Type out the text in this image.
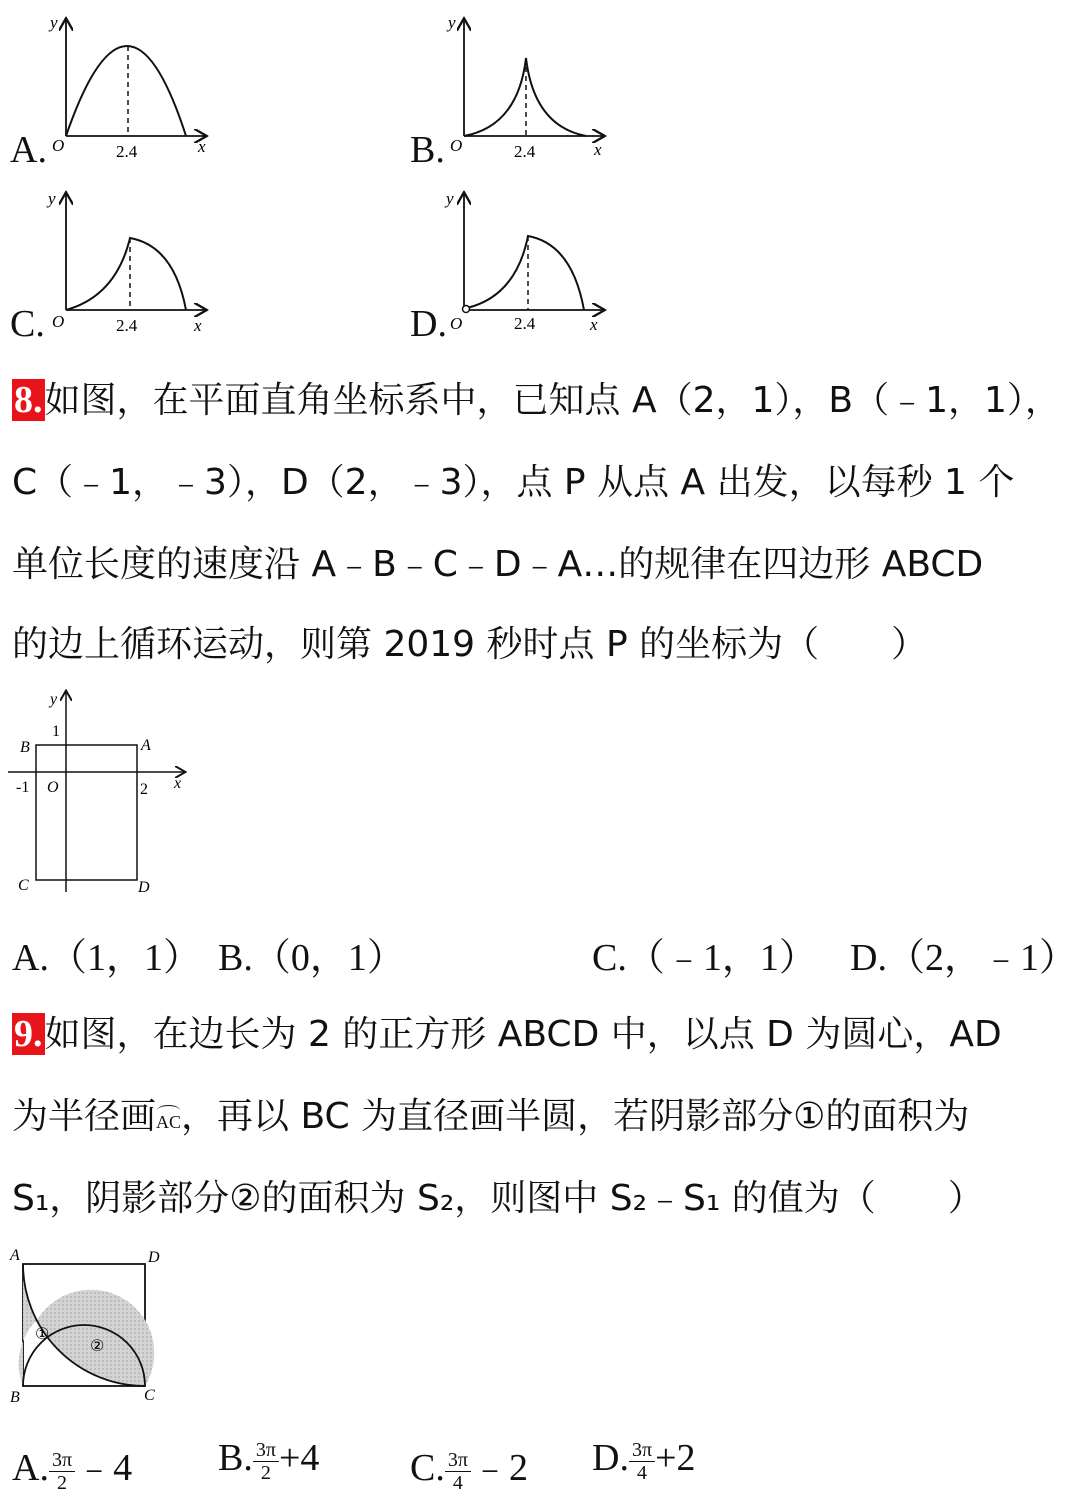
A.	2.4
O	x
y
B.	2.4
O	x
y
C.	2.4
O	x
y
D.	2.4
O	x
y
8.如图，在平面直角坐标系中，已知点 A（2，1），B（﹣1，1），
C（﹣1，﹣3），D（2，﹣3），点 P 从点 A 出发，以每秒 1 个
单位长度的速度沿 A﹣B﹣C﹣D﹣A…的规律在四边形 ABCD
的边上循环运动，则第 2019 秒时点 P 的坐标为（　　）
y
x
1
-1 O	2
B	A
C	D
A.（1，1） B.（0，1）	C.（﹣1，1） D.（2，﹣1）
9.如图，在边长为 2 的正方形 ABCD 中，以点 D 为圆心，AD
为半径画AC，再以 BC 为直径画半圆，若阴影部分①的面积为
S₁，阴影部分②的面积为 S₂，则图中 S₂﹣S₁ 的值为（　　）
①
②
A	D
B	C
A. $\frac{3\pi}{2}$ ﹣4 B. $\frac{3\pi}{2} +4$ C. $\frac{3\pi}{4}$ ﹣2 D. $\frac{3\pi}{4} +2$
